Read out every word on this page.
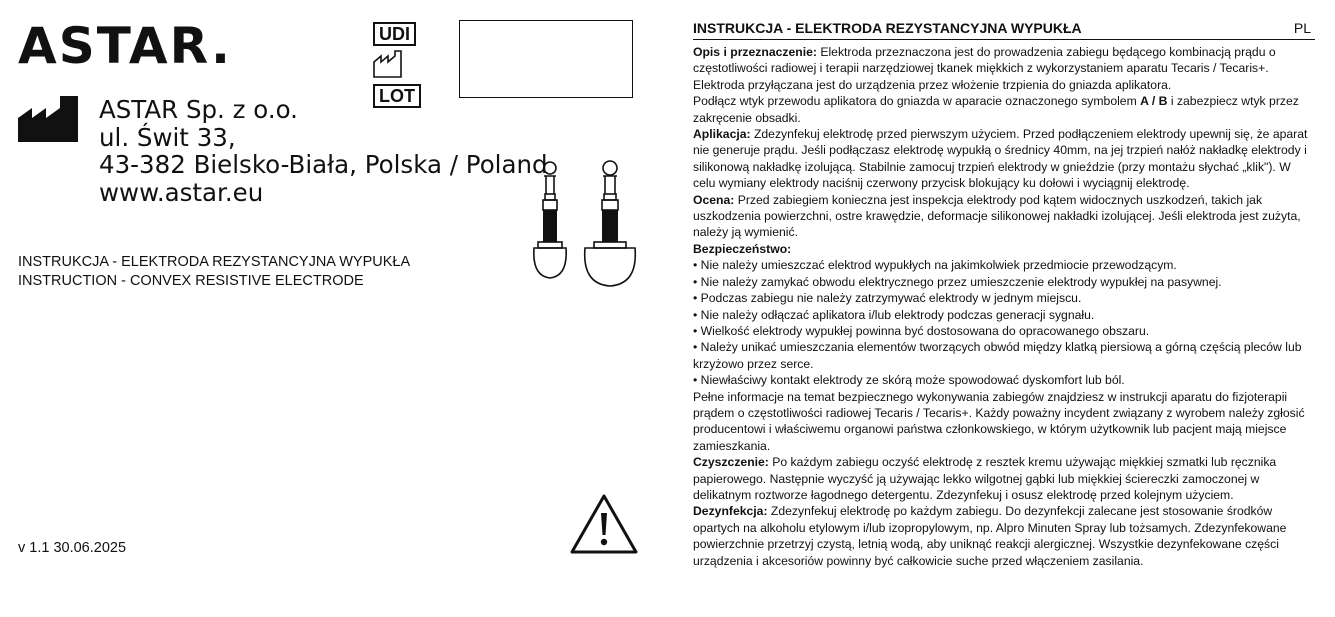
ASTAR.
ASTAR Sp. z o.o.
ul. Świt 33,
43-382 Bielsko-Biała, Polska / Poland
www.astar.eu
UDI
LOT
INSTRUKCJA - ELEKTRODA REZYSTANCYJNA WYPUKŁA
INSTRUCTION - CONVEX RESISTIVE ELECTRODE
v 1.1 30.06.2025
INSTRUKCJA - ELEKTRODA REZYSTANCYJNA WYPUKŁA	PL

Opis i przeznaczenie: Elektroda przeznaczona jest do prowadzenia zabiegu będącego kombinacją prądu o częstotliwości radiowej i terapii narzędziowej tkanek miękkich z wykorzystaniem aparatu Tecaris / Tecaris+. Elektroda przyłączana jest do urządzenia przez włożenie trzpienia do gniazda aplikatora.

Podłącz wtyk przewodu aplikatora do gniazda w aparacie oznaczonego symbolem A / B i zabezpiecz wtyk przez zakręcenie obsadki.

Aplikacja: Zdezynfekuj elektrodę przed pierwszym użyciem. Przed podłączeniem elektrody upewnij się, że aparat nie generuje prądu. Jeśli podłączasz elektrodę wypukłą o średnicy 40mm, na jej trzpień nałóż nakładkę elektrody i silikonową nakładkę izolującą. Stabilnie zamocuj trzpień elektrody w gnieździe (przy montażu słychać „klik"). W celu wymiany elektrody naciśnij czerwony przycisk blokujący ku dołowi i wyciągnij elektrodę.

Ocena: Przed zabiegiem konieczna jest inspekcja elektrody pod kątem widocznych uszkodzeń, takich jak uszkodzenia powierzchni, ostre krawędzie, deformacje silikonowej nakładki izolującej. Jeśli elektroda jest zużyta, należy ją wymienić.

Bezpieczeństwo:

• Nie należy umieszczać elektrod wypukłych na jakimkolwiek przedmiocie przewodzącym.

• Nie należy zamykać obwodu elektrycznego przez umieszczenie elektrody wypukłej na pasywnej.

• Podczas zabiegu nie należy zatrzymywać elektrody w jednym miejscu.

• Nie należy odłączać aplikatora i/lub elektrody podczas generacji sygnału.

• Wielkość elektrody wypukłej powinna być dostosowana do opracowanego obszaru.

• Należy unikać umieszczania elementów tworzących obwód między klatką piersiową a górną częścią pleców lub krzyżowo przez serce.

• Niewłaściwy kontakt elektrody ze skórą może spowodować dyskomfort lub ból.

Pełne informacje na temat bezpiecznego wykonywania zabiegów znajdziesz w instrukcji aparatu do fizjoterapii prądem o częstotliwości radiowej Tecaris / Tecaris+. Każdy poważny incydent związany z wyrobem należy zgłosić producentowi i właściwemu organowi państwa członkowskiego, w którym użytkownik lub pacjent mają miejsce zamieszkania.

Czyszczenie: Po każdym zabiegu oczyść elektrodę z resztek kremu używając miękkiej szmatki lub ręcznika papierowego. Następnie wyczyść ją używając lekko wilgotnej gąbki lub miękkiej ściereczki zamoczonej w delikatnym roztworze łagodnego detergentu. Zdezynfekuj i osusz elektrodę przed kolejnym użyciem.

Dezynfekcja: Zdezynfekuj elektrodę po każdym zabiegu. Do dezynfekcji zalecane jest stosowanie środków opartych na alkoholu etylowym i/lub izopropylowym, np. Alpro Minuten Spray lub tożsamych. Zdezynfekowane powierzchnie przetrzyj czystą, letnią wodą, aby uniknąć reakcji alergicznej. Wszystkie dezynfekowane części urządzenia i akcesoriów powinny być całkowicie suche przed włączeniem zasilania.
